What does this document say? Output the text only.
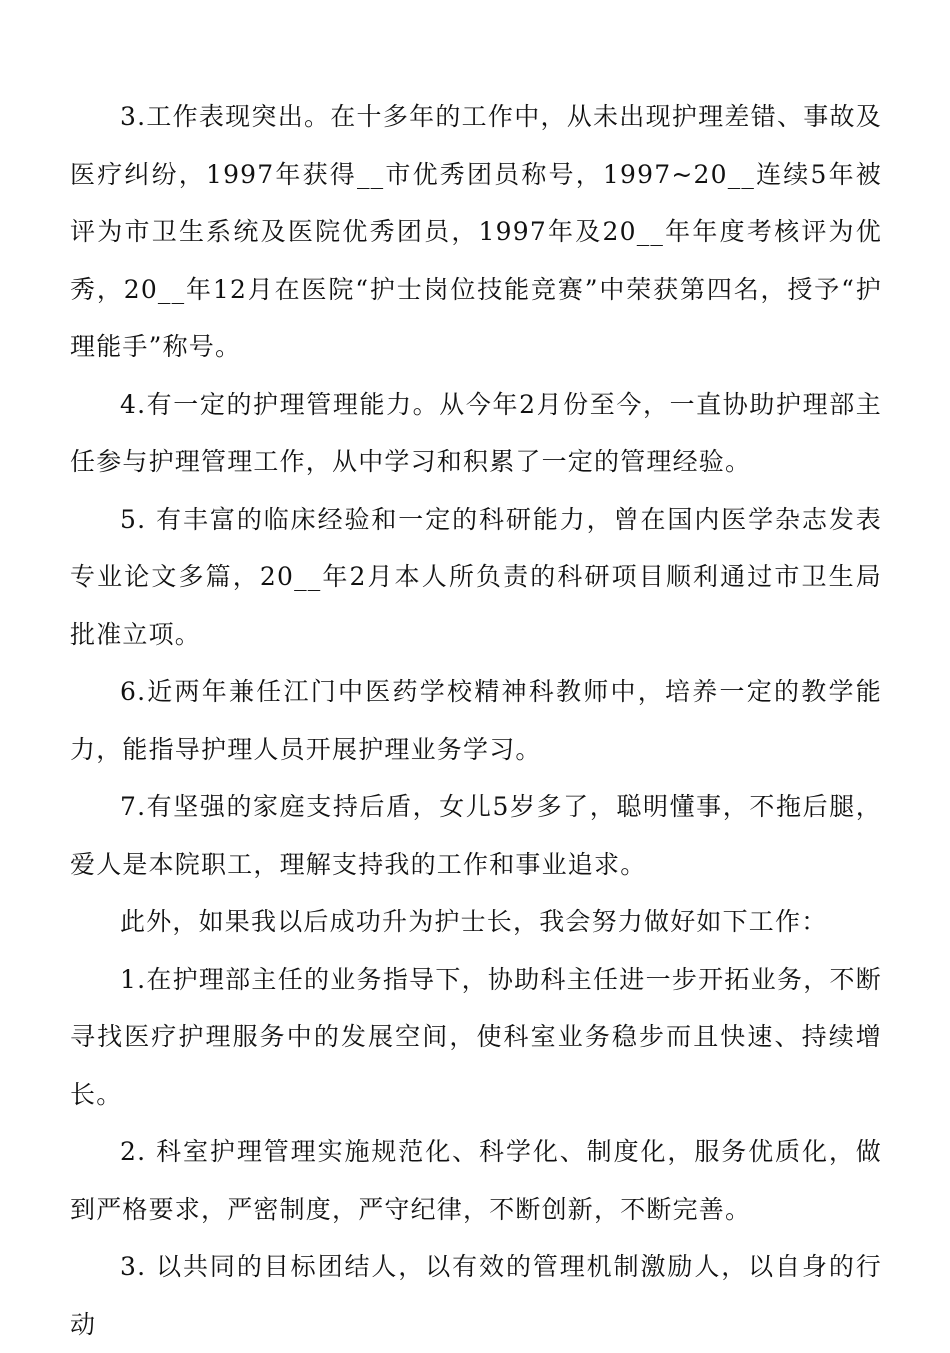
3.工作表现突出。在十多年的工作中，从未出现护理差错、事故及医疗纠纷，1997年获得__市优秀团员称号，1997~20__连续5年被评为市卫生系统及医院优秀团员，1997年及20__年年度考核评为优秀，20__年12月在医院“护士岗位技能竞赛”中荣获第四名，授予“护理能手”称号。

4.有一定的护理管理能力。从今年2月份至今，一直协助护理部主任参与护理管理工作，从中学习和积累了一定的管理经验。

5. 有丰富的临床经验和一定的科研能力，曾在国内医学杂志发表专业论文多篇，20__年2月本人所负责的科研项目顺利通过市卫生局批准立项。

6.近两年兼任江门中医药学校精神科教师中，培养一定的教学能力，能指导护理人员开展护理业务学习。

7.有坚强的家庭支持后盾，女儿5岁多了，聪明懂事，不拖后腿，爱人是本院职工，理解支持我的工作和事业追求。

此外，如果我以后成功升为护士长，我会努力做好如下工作：

1.在护理部主任的业务指导下，协助科主任进一步开拓业务，不断寻找医疗护理服务中的发展空间，使科室业务稳步而且快速、持续增长。

2. 科室护理管理实施规范化、科学化、制度化，服务优质化，做到严格要求，严密制度，严守纪律，不断创新，不断完善。

3. 以共同的目标团结人，以有效的管理机制激励人，以自身的行动
